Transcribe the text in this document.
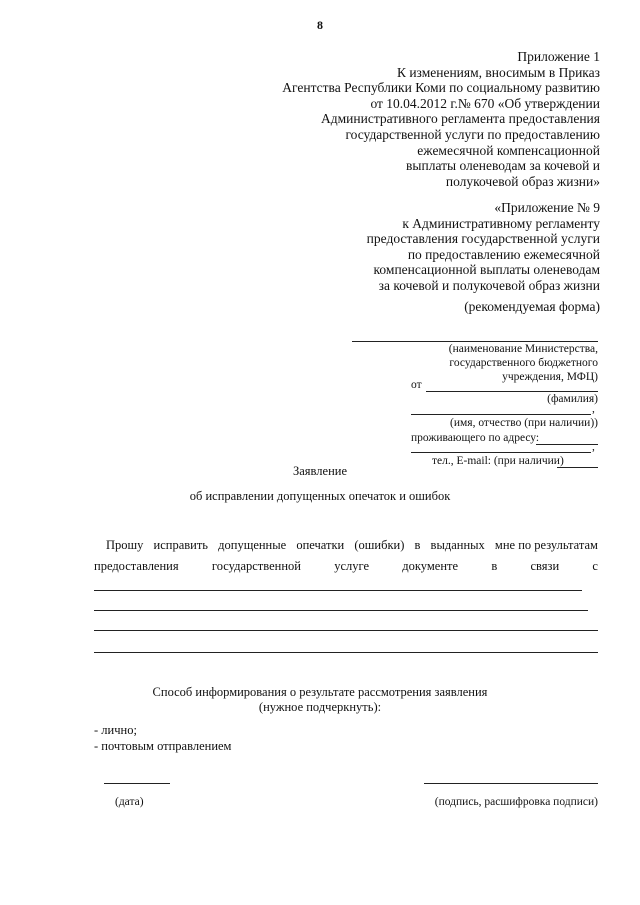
8
Приложение 1
К изменениям, вносимым в Приказ
Агентства Республики Коми по социальному развитию
от 10.04.2012 г.№ 670 «Об утверждении
Административного регламента предоставления
государственной услуги по предоставлению
ежемесячной компенсационной
выплаты оленеводам за кочевой и
полукочевой образ жизни»
«Приложение № 9
к Административному регламенту
предоставления государственной услуги
по предоставлению ежемесячной
компенсационной выплаты оленеводам
за кочевой и полукочевой образ жизни
(рекомендуемая форма)
(наименование Министерства,
государственного бюджетного
учреждения, МФЦ)
от
(фамилия)
,
(имя, отчество (при наличии))
проживающего по адресу:
,
тел., E-mail: (при наличии)
Заявление
об исправлении допущенных опечаток и ошибок
Прошу исправить допущенные опечатки (ошибки) в выданных мне по результатам
предоставления	государственной	услуге	документе	в	связи	с
Способ информирования о результате рассмотрения заявления
(нужное подчеркнуть):
- лично;
- почтовым отправлением
(дата)	(подпись, расшифровка подписи)
